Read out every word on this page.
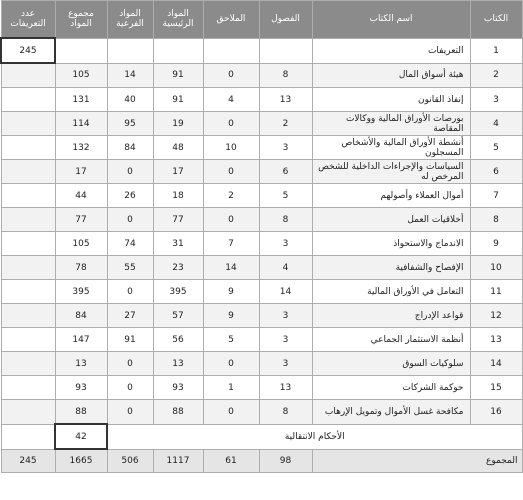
الكتاب	اسم الكتاب	الفصول	الملاحق	المواد الرئيسية	المواد الفرعية	مجموع المواد	عدد التعريفات
1	التعريفات						245
2	هيئة أسواق المال	8	0	91	14	105	
3	إنفاذ القانون	13	4	91	40	131	
4	بورصات الأوراق المالية ووكالات المقاصة	2	0	19	95	114	
5	أنشطة الأوراق المالية والأشخاص المسجلون	3	10	48	84	132	
6	السياسات والإجراءات الداخلية للشخص المرخص له	6	0	17	0	17	
7	أموال العملاء وأصولهم	5	2	18	26	44	
8	أخلاقيات العمل	8	0	77	0	77	
9	الاندماج والاستحواذ	3	7	31	74	105	
10	الإفصاح والشفافية	4	14	23	55	78	
11	التعامل في الأوراق المالية	14	9	395	0	395	
12	قواعد الإدراج	3	9	57	27	84	
13	أنظمة الاستثمار الجماعي	3	5	56	91	147	
14	سلوكيات السوق	3	0	13	0	13	
15	حوكمة الشركات	13	1	93	0	93	
16	مكافحة غسل الأموال وتمويل الإرهاب	8	0	88	0	88	
الأحكام الانتقالية						42	
المجموع		98	61	1117	506	1665	245
